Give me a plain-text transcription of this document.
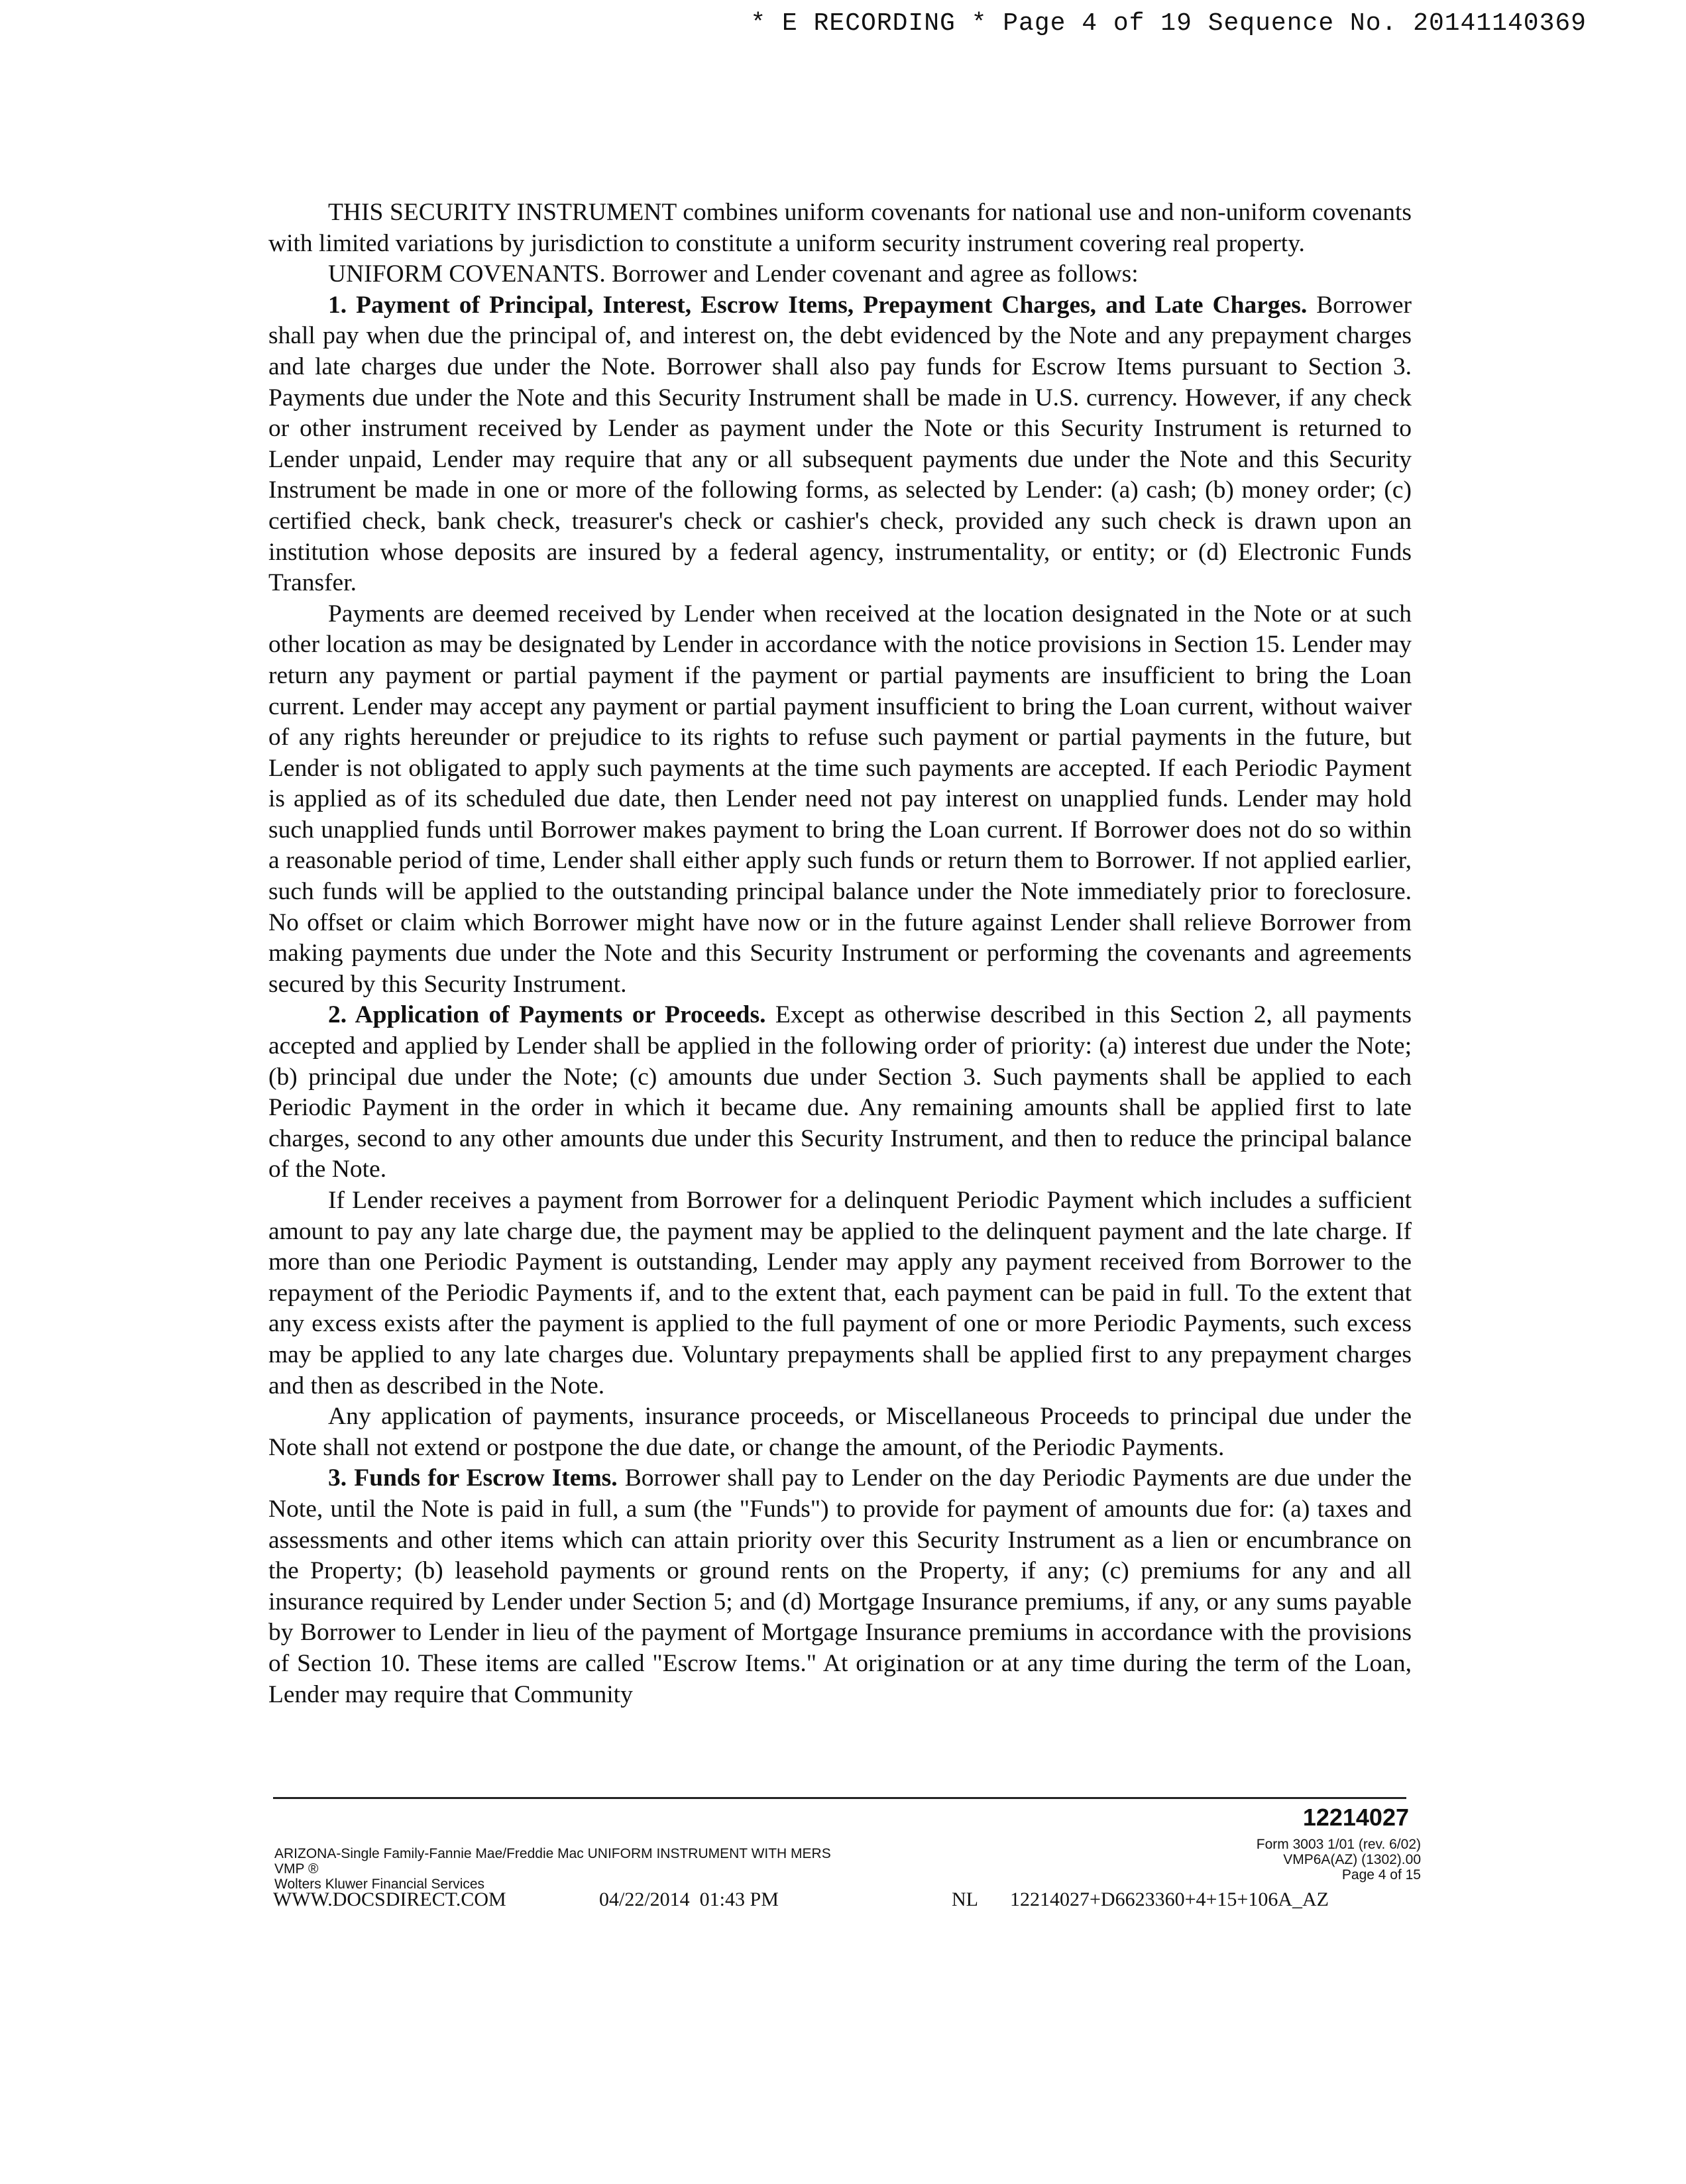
* E RECORDING * Page 4 of 19 Sequence No. 20141140369

THIS SECURITY INSTRUMENT combines uniform covenants for national use and non-uniform covenants with limited variations by jurisdiction to constitute a uniform security instrument covering real property.

UNIFORM COVENANTS. Borrower and Lender covenant and agree as follows:

1. Payment of Principal, Interest, Escrow Items, Prepayment Charges, and Late Charges. Borrower shall pay when due the principal of, and interest on, the debt evidenced by the Note and any prepayment charges and late charges due under the Note. Borrower shall also pay funds for Escrow Items pursuant to Section 3. Payments due under the Note and this Security Instrument shall be made in U.S. currency. However, if any check or other instrument received by Lender as payment under the Note or this Security Instrument is returned to Lender unpaid, Lender may require that any or all subsequent payments due under the Note and this Security Instrument be made in one or more of the following forms, as selected by Lender: (a) cash; (b) money order; (c) certified check, bank check, treasurer's check or cashier's check, provided any such check is drawn upon an institution whose deposits are insured by a federal agency, instrumentality, or entity; or (d) Electronic Funds Transfer.

Payments are deemed received by Lender when received at the location designated in the Note or at such other location as may be designated by Lender in accordance with the notice provisions in Section 15. Lender may return any payment or partial payment if the payment or partial payments are insufficient to bring the Loan current. Lender may accept any payment or partial payment insufficient to bring the Loan current, without waiver of any rights hereunder or prejudice to its rights to refuse such payment or partial payments in the future, but Lender is not obligated to apply such payments at the time such payments are accepted. If each Periodic Payment is applied as of its scheduled due date, then Lender need not pay interest on unapplied funds. Lender may hold such unapplied funds until Borrower makes payment to bring the Loan current. If Borrower does not do so within a reasonable period of time, Lender shall either apply such funds or return them to Borrower. If not applied earlier, such funds will be applied to the outstanding principal balance under the Note immediately prior to foreclosure. No offset or claim which Borrower might have now or in the future against Lender shall relieve Borrower from making payments due under the Note and this Security Instrument or performing the covenants and agreements secured by this Security Instrument.

2. Application of Payments or Proceeds. Except as otherwise described in this Section 2, all payments accepted and applied by Lender shall be applied in the following order of priority: (a) interest due under the Note; (b) principal due under the Note; (c) amounts due under Section 3. Such payments shall be applied to each Periodic Payment in the order in which it became due. Any remaining amounts shall be applied first to late charges, second to any other amounts due under this Security Instrument, and then to reduce the principal balance of the Note.

If Lender receives a payment from Borrower for a delinquent Periodic Payment which includes a sufficient amount to pay any late charge due, the payment may be applied to the delinquent payment and the late charge. If more than one Periodic Payment is outstanding, Lender may apply any payment received from Borrower to the repayment of the Periodic Payments if, and to the extent that, each payment can be paid in full. To the extent that any excess exists after the payment is applied to the full payment of one or more Periodic Payments, such excess may be applied to any late charges due. Voluntary prepayments shall be applied first to any prepayment charges and then as described in the Note.

Any application of payments, insurance proceeds, or Miscellaneous Proceeds to principal due under the Note shall not extend or postpone the due date, or change the amount, of the Periodic Payments.

3. Funds for Escrow Items. Borrower shall pay to Lender on the day Periodic Payments are due under the Note, until the Note is paid in full, a sum (the "Funds") to provide for payment of amounts due for: (a) taxes and assessments and other items which can attain priority over this Security Instrument as a lien or encumbrance on the Property; (b) leasehold payments or ground rents on the Property, if any; (c) premiums for any and all insurance required by Lender under Section 5; and (d) Mortgage Insurance premiums, if any, or any sums payable by Borrower to Lender in lieu of the payment of Mortgage Insurance premiums in accordance with the provisions of Section 10. These items are called "Escrow Items." At origination or at any time during the term of the Loan, Lender may require that Community

12214027
ARIZONA-Single Family-Fannie Mae/Freddie Mac UNIFORM INSTRUMENT WITH MERS
VMP ®
Wolters Kluwer Financial Services
Form 3003 1/01 (rev. 6/02)
VMP6A(AZ) (1302).00
Page 4 of 15
WWW.DOCSDIRECT.COM	04/22/2014  01:43 PM	NL 12214027+D6623360+4+15+106A_AZ
